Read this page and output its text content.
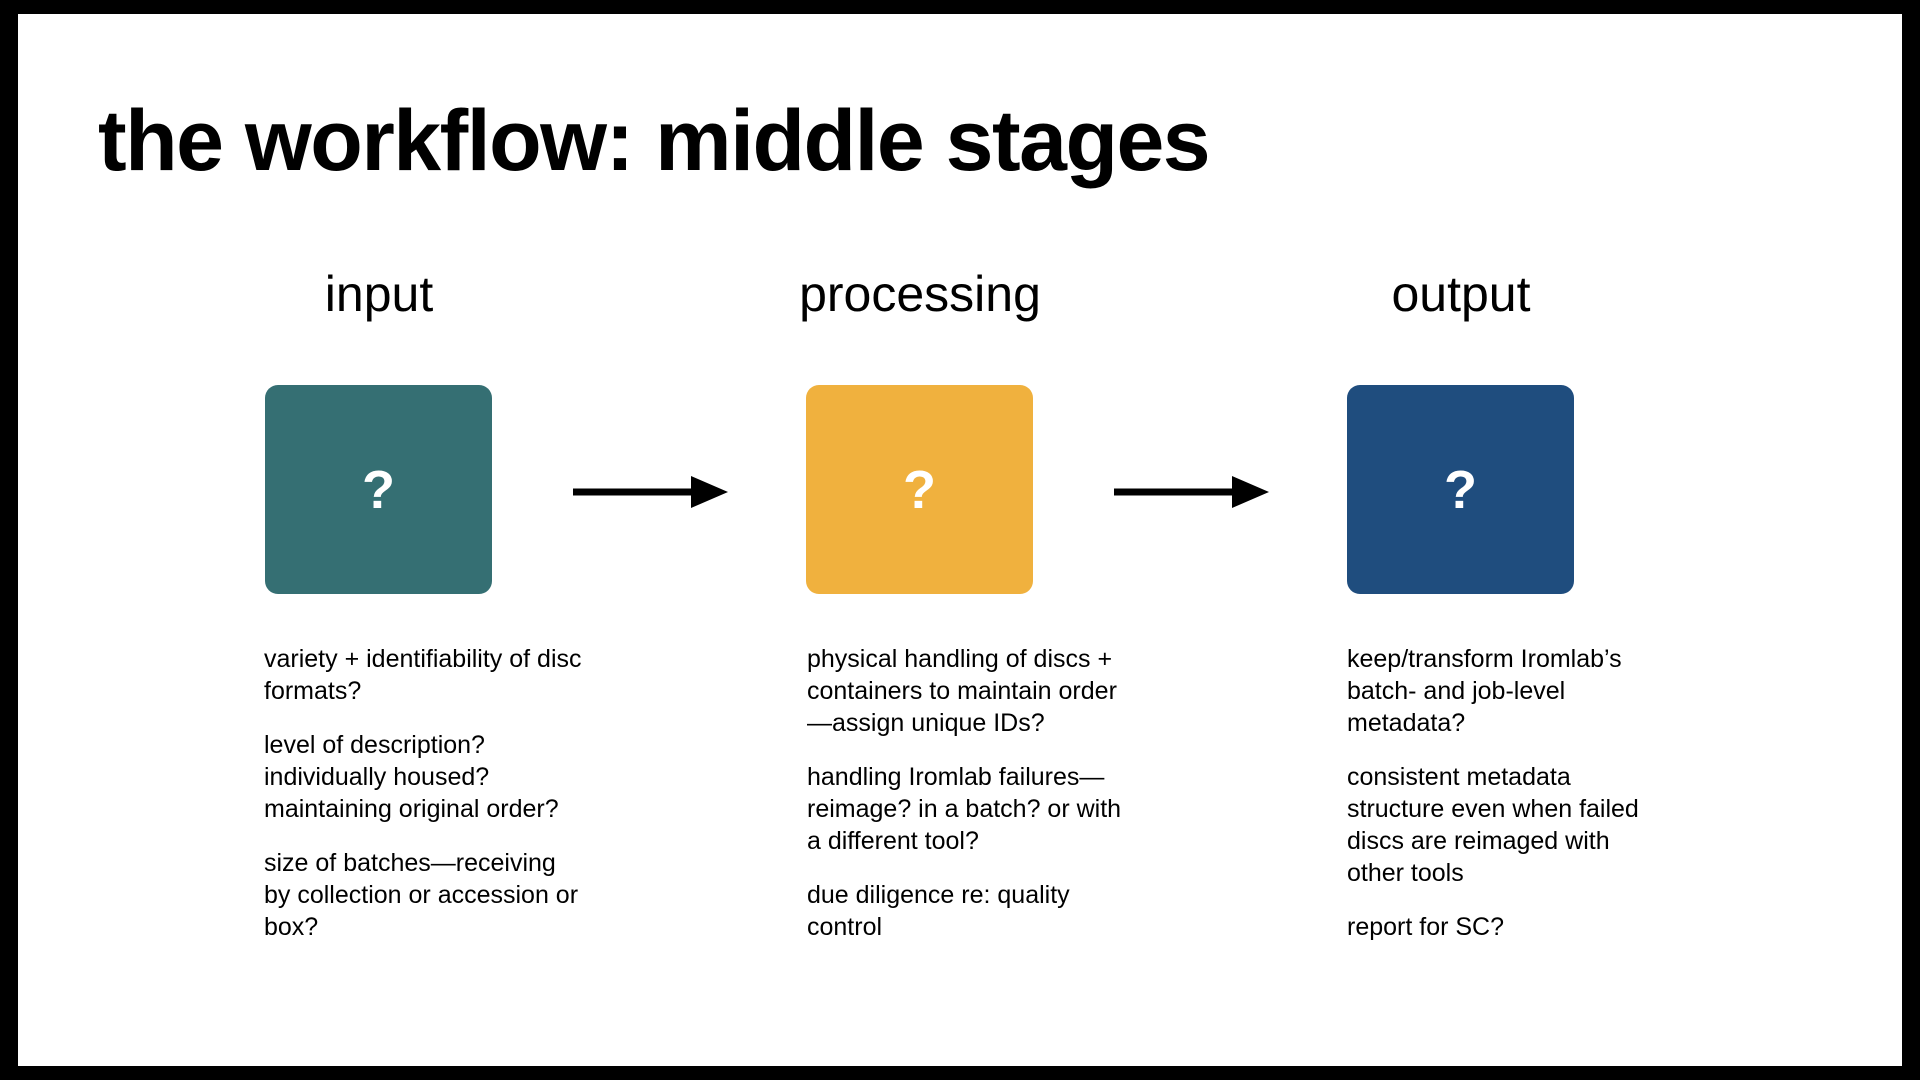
the workflow: middle stages
input
?

variety + identifiability of disc
formats?

level of description?
individually housed?
maintaining original order?

size of batches—receiving
by collection or accession or
box?

processing
?

physical handling of discs +
containers to maintain order
—assign unique IDs?

handling Iromlab failures—
reimage? in a batch? or with
a different tool?

due diligence re: quality
control

output
?

keep/transform Iromlab’s
batch- and job-level
metadata?

consistent metadata
structure even when failed
discs are reimaged with
other tools

report for SC?
